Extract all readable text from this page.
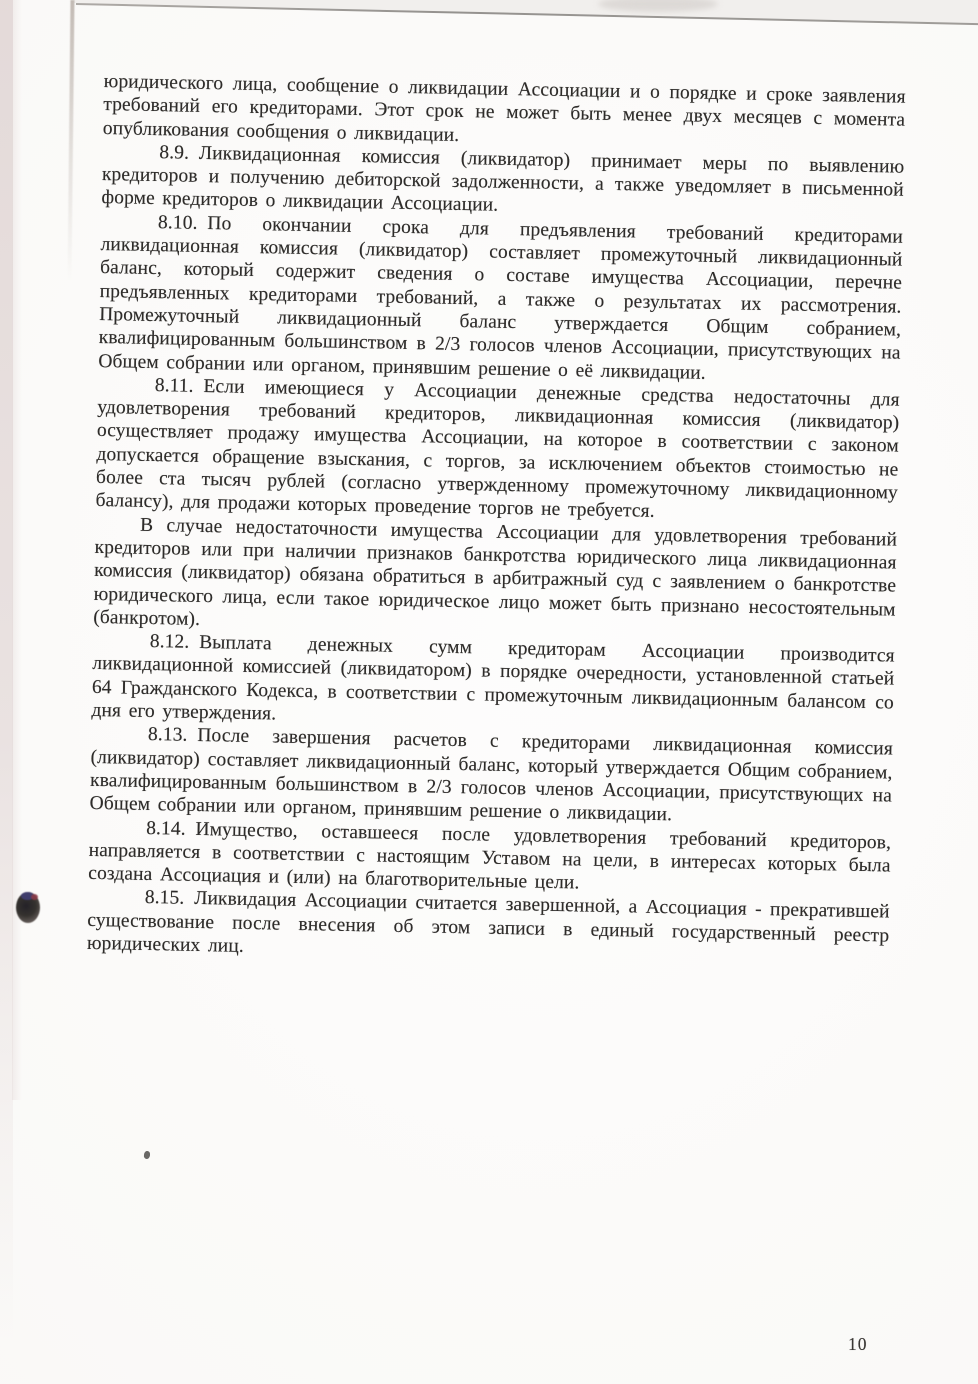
юридического лица, сообщение о ликвидации Ассоциации и о порядке и сроке заявления требований его кредиторами. Этот срок не может быть менее двух месяцев с момента опубликования сообщения о ликвидации.

8.9. Ликвидационная комиссия (ликвидатор) принимает меры по выявлению кредиторов и получению дебиторской задолженности, а также уведомляет в письменной форме кредиторов о ликвидации Ассоциации.

8.10. По окончании срока для предъявления требований кредиторами ликвидационная комиссия (ликвидатор) составляет промежуточный ликвидационный баланс, который содержит сведения о составе имущества Ассоциации, перечне предъявленных кредиторами требований, а также о результатах их рассмотрения. Промежуточный ликвидационный баланс утверждается Общим собранием, квалифицированным большинством в 2/3 голосов членов Ассоциации, присутствующих на Общем собрании или органом, принявшим решение о её ликвидации.

8.11. Если имеющиеся у Ассоциации денежные средства недостаточны для удовлетворения требований кредиторов, ликвидационная комиссия (ликвидатор) осуществляет продажу имущества Ассоциации, на которое в соответствии с законом допускается обращение взыскания, с торгов, за исключением объектов стоимостью не более ста тысяч рублей (согласно утвержденному промежуточному ликвидационному балансу), для продажи которых проведение торгов не требуется.

В случае недостаточности имущества Ассоциации для удовлетворения требований кредиторов или при наличии признаков банкротства юридического лица ликвидационная комиссия (ликвидатор) обязана обратиться в арбитражный суд с заявлением о банкротстве юридического лица, если такое юридическое лицо может быть признано несостоятельным (банкротом).

8.12. Выплата денежных сумм кредиторам Ассоциации производится ликвидационной комиссией (ликвидатором) в порядке очередности, установленной статьей 64 Гражданского Кодекса, в соответствии с промежуточным ликвидационным балансом со дня его утверждения.

8.13. После завершения расчетов с кредиторами ликвидационная комиссия (ликвидатор) составляет ликвидационный баланс, который утверждается Общим собранием, квалифицированным большинством в 2/3 голосов членов Ассоциации, присутствующих на Общем собрании или органом, принявшим решение о ликвидации.

8.14. Имущество, оставшееся после удовлетворения требований кредиторов, направляется в соответствии с настоящим Уставом на цели, в интересах которых была создана Ассоциация и (или) на благотворительные цели.

8.15. Ликвидация Ассоциации считается завершенной, а Ассоциация - прекратившей существование после внесения об этом записи в единый государственный реестр юридических лиц.

10
